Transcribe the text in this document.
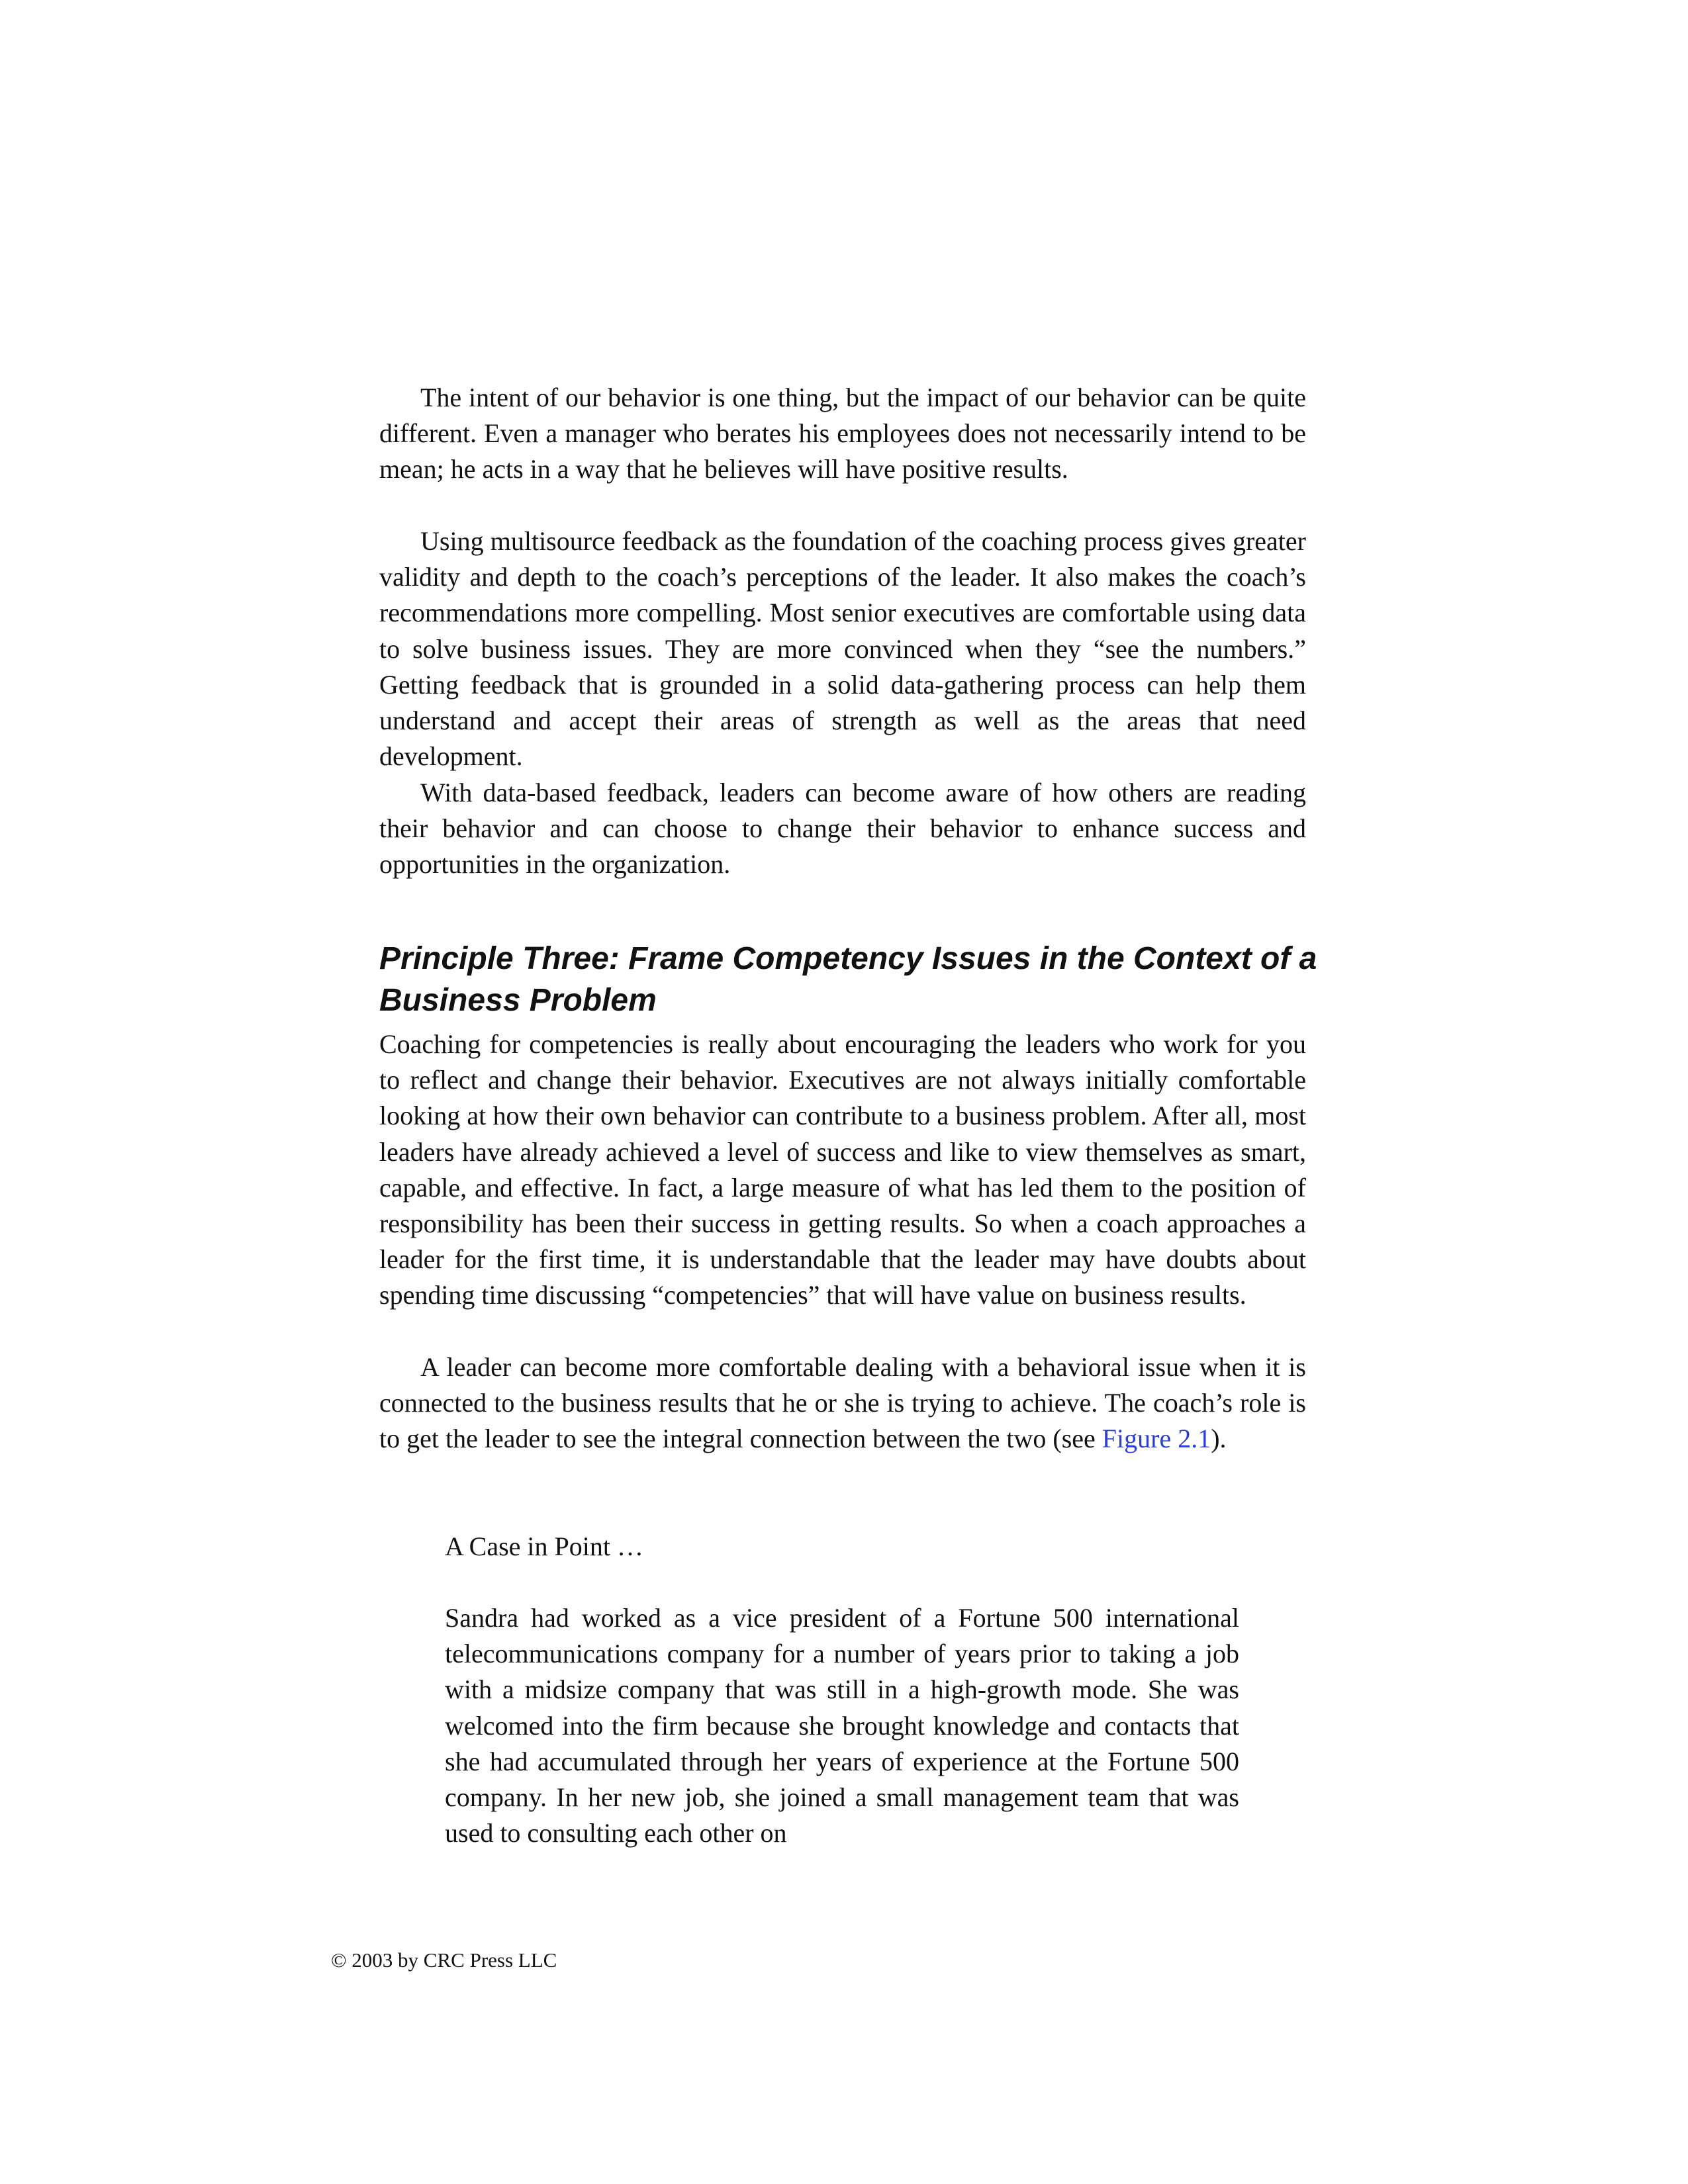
The intent of our behavior is one thing, but the impact of our behavior can be quite different. Even a manager who berates his employees does not necessarily intend to be mean; he acts in a way that he believes will have positive results.

Using multisource feedback as the foundation of the coaching process gives greater validity and depth to the coach’s perceptions of the leader. It also makes the coach’s recommendations more compelling. Most senior executives are comfortable using data to solve business issues. They are more convinced when they “see the numbers.” Getting feedback that is grounded in a solid data-gathering process can help them understand and accept their areas of strength as well as the areas that need development.

With data-based feedback, leaders can become aware of how others are reading their behavior and can choose to change their behavior to enhance success and opportunities in the organization.

Principle Three: Frame Competency Issues in the Context of a Business Problem

Coaching for competencies is really about encouraging the leaders who work for you to reflect and change their behavior. Executives are not always initially comfortable looking at how their own behavior can contribute to a business problem. After all, most leaders have already achieved a level of success and like to view themselves as smart, capable, and effective. In fact, a large measure of what has led them to the position of responsibility has been their success in getting results. So when a coach approaches a leader for the first time, it is understandable that the leader may have doubts about spending time discussing “competencies” that will have value on business results.

A leader can become more comfortable dealing with a behavioral issue when it is connected to the business results that he or she is trying to achieve. The coach’s role is to get the leader to see the integral connection between the two (see Figure 2.1).

A Case in Point …

Sandra had worked as a vice president of a Fortune 500 international telecommunications company for a number of years prior to taking a job with a midsize company that was still in a high-growth mode. She was welcomed into the firm because she brought knowledge and contacts that she had accumulated through her years of experience at the Fortune 500 company. In her new job, she joined a small management team that was used to consulting each other on

© 2003 by CRC Press LLC
